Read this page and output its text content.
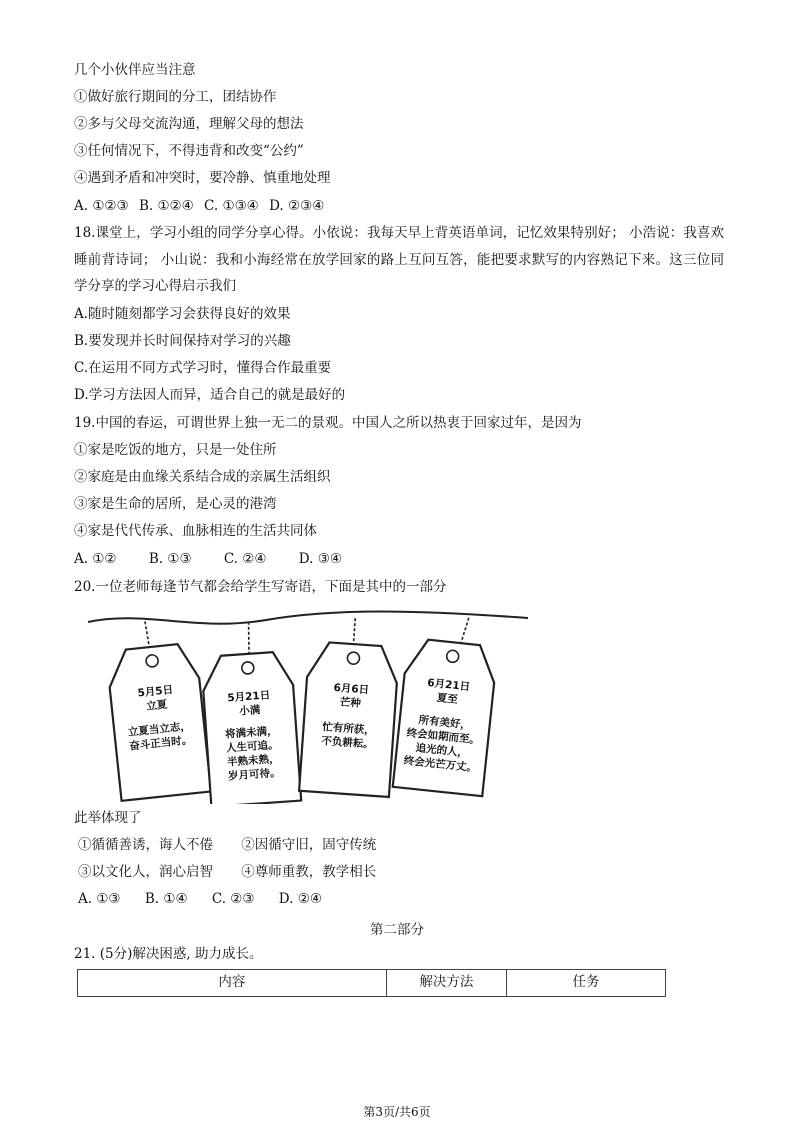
几个小伙伴应当注意
①做好旅行期间的分工，团结协作
②多与父母交流沟通，理解父母的想法
③任何情况下，不得违背和改变“公约”
④遇到矛盾和冲突时，要冷静、慎重地处理
A. ①②③ B. ①②④ C. ①③④ D. ②③④
18.课堂上，学习小组的同学分享心得。小依说：我每天早上背英语单词，记忆效果特别好； 小浩说：我喜欢睡前背诗词； 小山说：我和小海经常在放学回家的路上互问互答，能把要求默写的内容熟记下来。这三位同学分享的学习心得启示我们
A.随时随刻都学习会获得良好的效果
B.要发现并长时间保持对学习的兴趣
C.在运用不同方式学习时，懂得合作最重要
D.学习方法因人而异，适合自己的就是最好的
19.中国的春运，可谓世界上独一无二的景观。中国人之所以热衷于回家过年，是因为
①家是吃饭的地方，只是一处住所
②家庭是由血缘关系结合成的亲属生活组织
③家是生命的居所，是心灵的港湾
④家是代代传承、血脉相连的生活共同体
A. ①② B. ①③ C. ②④ D. ③④
20.一位老师每逢节气都会给学生写寄语，下面是其中的一部分
5月5日
立夏
立夏当立志，
奋斗正当时。
5月21日
小满
将满未满，
人生可追。
半熟未熟，
岁月可待。
6月6日
芒种
忙有所获，
不负耕耘。
6月21日
夏至
所有美好，
终会如期而至。
追光的人，
终会光芒万丈。
此举体现了
①循循善诱，诲人不倦 ②因循守旧，固守传统
③以文化人，润心启智 ④尊师重教，教学相长
A. ①③ B. ①④ C. ②③ D. ②④
第二部分
21. (5分)解决困惑, 助力成长。
内容	解决方法	任务
第3页/共6页
